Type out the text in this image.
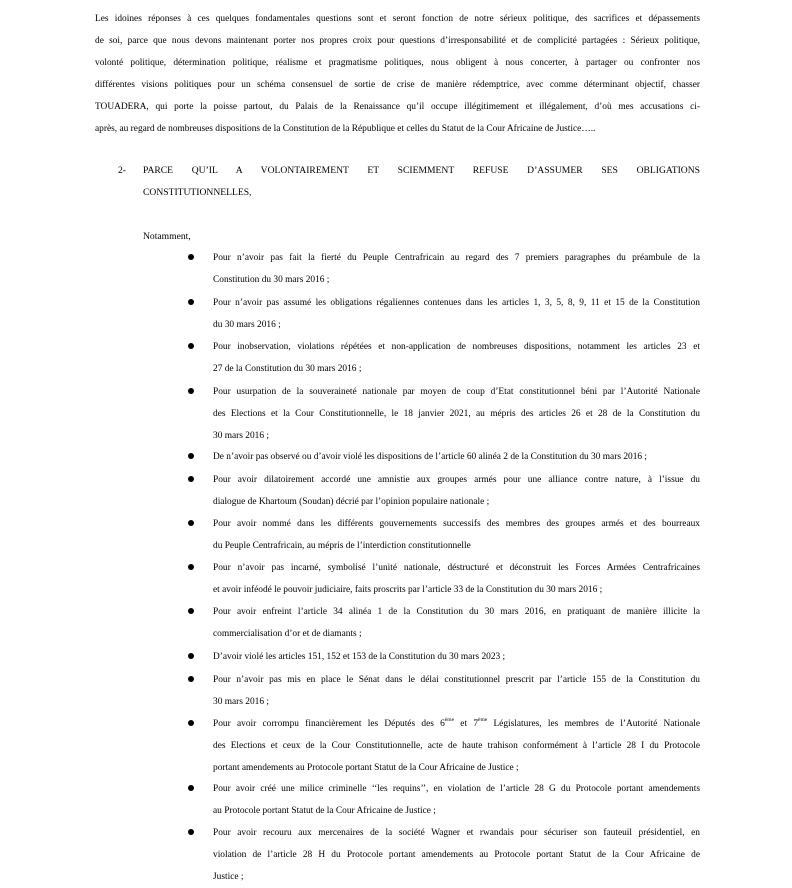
Les idoines réponses à ces quelques fondamentales questions sont et seront fonction de notre sérieux politique, des sacrifices et dépassements
de soi, parce que nous devons maintenant porter nos propres croix pour questions d’irresponsabilité et de complicité partagées : Sérieux politique,
volonté politique, détermination politique, réalisme et pragmatisme politiques, nous obligent à nous concerter, à partager ou confronter nos
différentes visions politiques pour un schéma consensuel de sortie de crise de manière rédemptrice, avec comme déterminant objectif, chasser
TOUADERA, qui porte la poisse partout, du Palais de la Renaissance qu’il occupe illégitimement et illégalement, d’où mes accusations ci-
après, au regard de nombreuses dispositions de la Constitution de la République et celles du Statut de la Cour Africaine de Justice…..
2- PARCE QU’IL A VOLONTAIREMENT ET SCIEMMENT REFUSE D’ASSUMER SES OBLIGATIONS
CONSTITUTIONNELLES,
Notamment,
Pour n’avoir pas fait la fierté du Peuple Centrafricain au regard des 7 premiers paragraphes du préambule de la
Constitution du 30 mars 2016 ;
Pour n’avoir pas assumé les obligations régaliennes contenues dans les articles 1, 3, 5, 8, 9, 11 et 15 de la Constitution
du 30 mars 2016 ;
Pour inobservation, violations répétées et non-application de nombreuses dispositions, notamment les articles 23 et
27 de la Constitution du 30 mars 2016 ;
Pour usurpation de la souveraineté nationale par moyen de coup d’Etat constitutionnel béni par l’Autorité Nationale
des Elections et la Cour Constitutionnelle, le 18 janvier 2021, au mépris des articles 26 et 28 de la Constitution du
30 mars 2016 ;
De n’avoir pas observé ou d’avoir violé les dispositions de l’article 60 alinéa 2 de la Constitution du 30 mars 2016 ;
Pour avoir dilatoirement accordé une amnistie aux groupes armés pour une alliance contre nature, à l’issue du
dialogue de Khartoum (Soudan) décrié par l’opinion populaire nationale ;
Pour avoir nommé dans les différents gouvernements successifs des membres des groupes armés et des bourreaux
du Peuple Centrafricain, au mépris de l’interdiction constitutionnelle
Pour n’avoir pas incarné, symbolisé l’unité nationale, déstructuré et déconstruit les Forces Armées Centrafricaines
et avoir inféodé le pouvoir judiciaire, faits proscrits par l’article 33 de la Constitution du 30 mars 2016 ;
Pour avoir enfreint l’article 34 alinéa 1 de la Constitution du 30 mars 2016, en pratiquant de manière illicite la
commercialisation d’or et de diamants ;
D’avoir violé les articles 151, 152 et 153 de la Constitution du 30 mars 2023 ;
Pour n’avoir pas mis en place le Sénat dans le délai constitutionnel prescrit par l’article 155 de la Constitution du
30 mars 2016 ;
Pour avoir corrompu financièrement les Députés des 6ème et 7ème Législatures, les membres de l’Autorité Nationale
des Elections et ceux de la Cour Constitutionnelle, acte de haute trahison conformément à l’article 28 I du Protocole
portant amendements au Protocole portant Statut de la Cour Africaine de Justice ;
Pour avoir créé une milice criminelle ‘‘les requins’’, en violation de l’article 28 G du Protocole portant amendements
au Protocole portant Statut de la Cour Africaine de Justice ;
Pour avoir recouru aux mercenaires de la société Wagner et rwandais pour sécuriser son fauteuil présidentiel, en
violation de l’article 28 H du Protocole portant amendements au Protocole portant Statut de la Cour Africaine de
Justice ;
